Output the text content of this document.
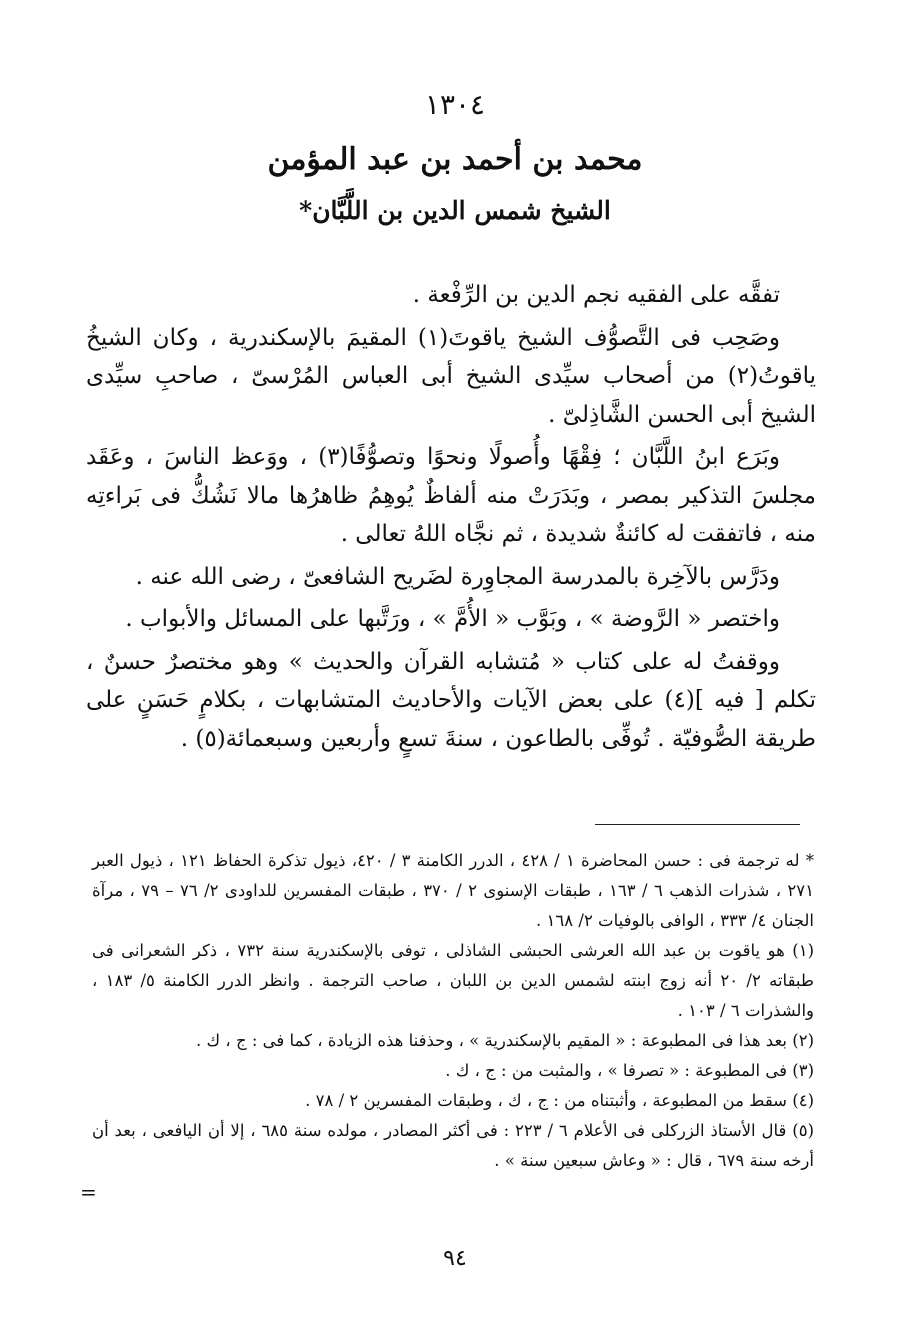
١٣٠٤
محمد بن أحمد بن عبد المؤمن
الشيخ شمس الدين بن اللَّبَّان*

تفقَّه على الفقيه نجم الدين بن الرِّفْعة .

وصَحِب فى التَّصوُّف الشيخ ياقوتَ(١) المقيمَ بالإسكندرية ، وكان الشيخُ ياقوتُ(٢) من أصحاب سيِّدى الشيخ أبى العباس المُرْسىّ ، صاحبِ سيِّدى الشيخ أبى الحسن الشَّاذِلىّ .

وبَرَع ابنُ اللَّبَّان ؛ فِقْهًا وأُصولًا ونحوًا وتصوُّفًا(٣) ، ووَعظ الناسَ ، وعَقَد مجلسَ التذكير بمصر ، وبَدَرَتْ منه ألفاظٌ يُوهِمُ ظاهرُها مالا نَشُكُّ فى بَراءتِه منه ، فاتفقت له كائنةٌ شديدة ، ثم نجَّاه اللهُ تعالى .

ودَرَّس بالآخِرة بالمدرسة المجاوِرة لضَريح الشافعىّ ، رضى الله عنه .

واختصر « الرَّوضة » ، وبَوَّب « الأُمَّ » ، ورَتَّبها على المسائل والأبواب .

ووقفتُ له على كتاب « مُتشابه القرآن والحديث » وهو مختصرٌ حسنٌ ، تكلم [ فيه ](٤) على بعض الآيات والأحاديث المتشابهات ، بكلامٍ حَسَنٍ على طريقة الصُّوفيّة . تُوفِّى بالطاعون ، سنةَ تسعٍ وأربعين وسبعمائة(٥) .

* له ترجمة فى : حسن المحاضرة ١ / ٤٢٨ ، الدرر الكامنة ٣ / ٤٢٠، ذيول تذكرة الحفاظ ١٢١ ، ذيول العبر ٢٧١ ، شذرات الذهب ٦ / ١٦٣ ، طبقات الإسنوى ٢ / ٣٧٠ ، طبقات المفسرين للداودى ٢/ ٧٦ – ٧٩ ، مرآة الجنان ٤/ ٣٣٣ ، الوافى بالوفيات ٢/ ١٦٨ .

(١) هو ياقوت بن عبد الله العرشى الحبشى الشاذلى ، توفى بالإسكندرية سنة ٧٣٢ ، ذكر الشعرانى فى طبقاته ٢/ ٢٠ أنه زوج ابنته لشمس الدين بن اللبان ، صاحب الترجمة . وانظر الدرر الكامنة ٥/ ١٨٣ ، والشذرات ٦ / ١٠٣ .

(٢) بعد هذا فى المطبوعة : « المقيم بالإسكندرية » ، وحذفنا هذه الزيادة ، كما فى : ج ، ك .

(٣) فى المطبوعة : « تصرفا » ، والمثبت من : ج ، ك .

(٤) سقط من المطبوعة ، وأثبتناه من : ج ، ك ، وطبقات المفسرين ٢ / ٧٨ .

(٥) قال الأستاذ الزركلى فى الأعلام ٦ / ٢٢٣ : فى أكثر المصادر ، مولده سنة ٦٨٥ ، إلا أن اليافعى ، بعد أن أرخه سنة ٦٧٩ ، قال : « وعاش سبعين سنة » .

=
٩٤
